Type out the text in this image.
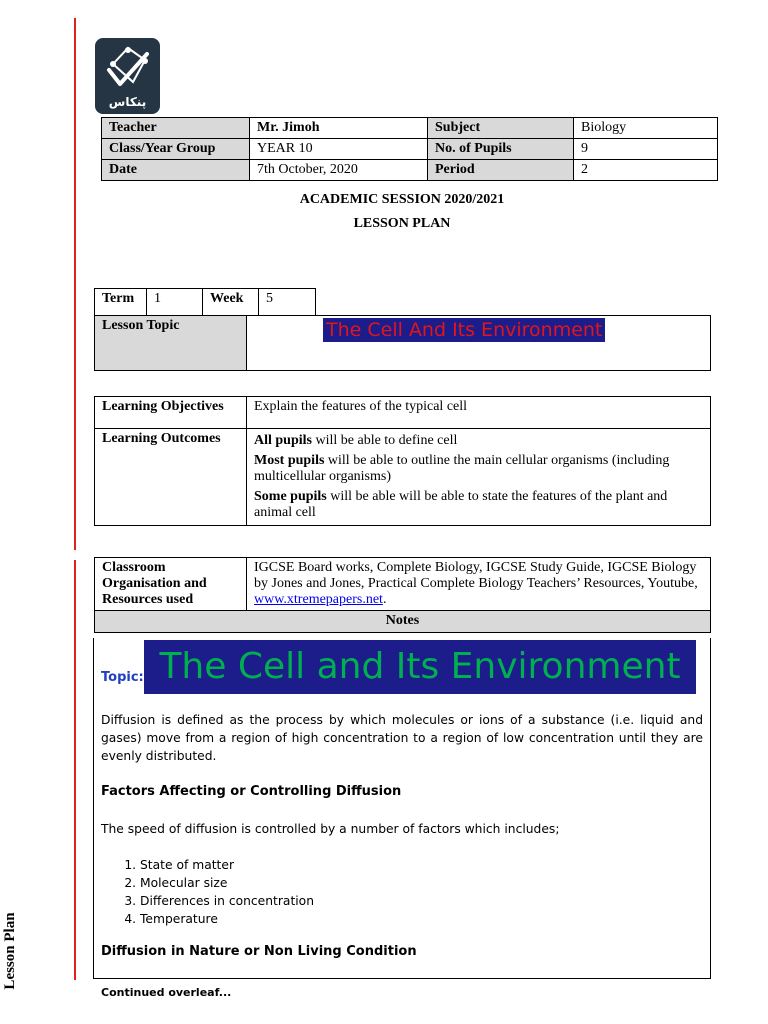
Lesson Plan
پنکاس
Teacher	Mr. Jimoh	Subject	Biology
Class/Year Group	YEAR 10	No. of Pupils	9
Date	7th October, 2020	Period	2
ACADEMIC SESSION 2020/2021
LESSON PLAN
Term	1	Week	5
Lesson Topic	The Cell And Its Environment
Learning Objectives	Explain the features of the typical cell
Learning Outcomes	All pupils will be able to define cell
Most pupils will be able to outline the main cellular organisms (including multicellular organisms)
Some pupils will be able will be able to state the features of the plant and animal cell
Classroom Organisation and Resources used	IGCSE Board works, Complete Biology, IGCSE Study Guide, IGCSE Biology by Jones and Jones, Practical Complete Biology Teachers’ Resources, Youtube, www.xtremepapers.net.
Notes
Topic: The Cell and Its Environment
Diffusion is defined as the process by which molecules or ions of a substance (i.e. liquid and gases) move from a region of high concentration to a region of low concentration until they are evenly distributed.
Factors Affecting or Controlling Diffusion
The speed of diffusion is controlled by a number of factors which includes;
1. State of matter
2. Molecular size
3. Differences in concentration
4. Temperature
Diffusion in Nature or Non Living Condition
Continued overleaf...
